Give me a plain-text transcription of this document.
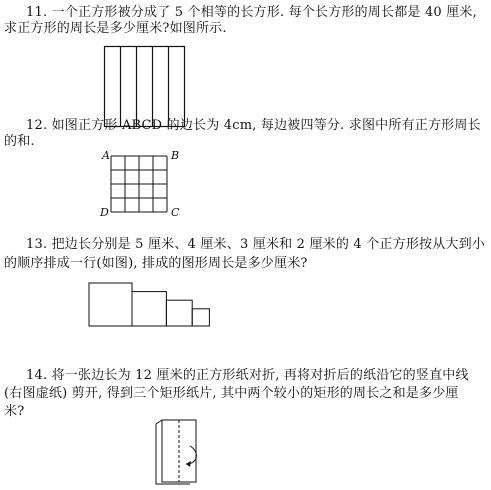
11. 一个正方形被分成了 5 个相等的长方形. 每个长方形的周长都是 40 厘米,
求正方形的周长是多少厘米?如图所示.
12. 如图正方形 ABCD 的边长为 4cm, 每边被四等分. 求图中所有正方形周长
的和.
A	B
D	C
13. 把边长分别是 5 厘米、4 厘米、3 厘米和 2 厘米的 4 个正方形按从大到小
的顺序排成一行(如图), 排成的图形周长是多少厘米?
14. 将一张边长为 12 厘米的正方形纸对折, 再将对折后的纸沿它的竖直中线
(右图虚纸) 剪开, 得到三个矩形纸片, 其中两个较小的矩形的周长之和是多少厘
米?
